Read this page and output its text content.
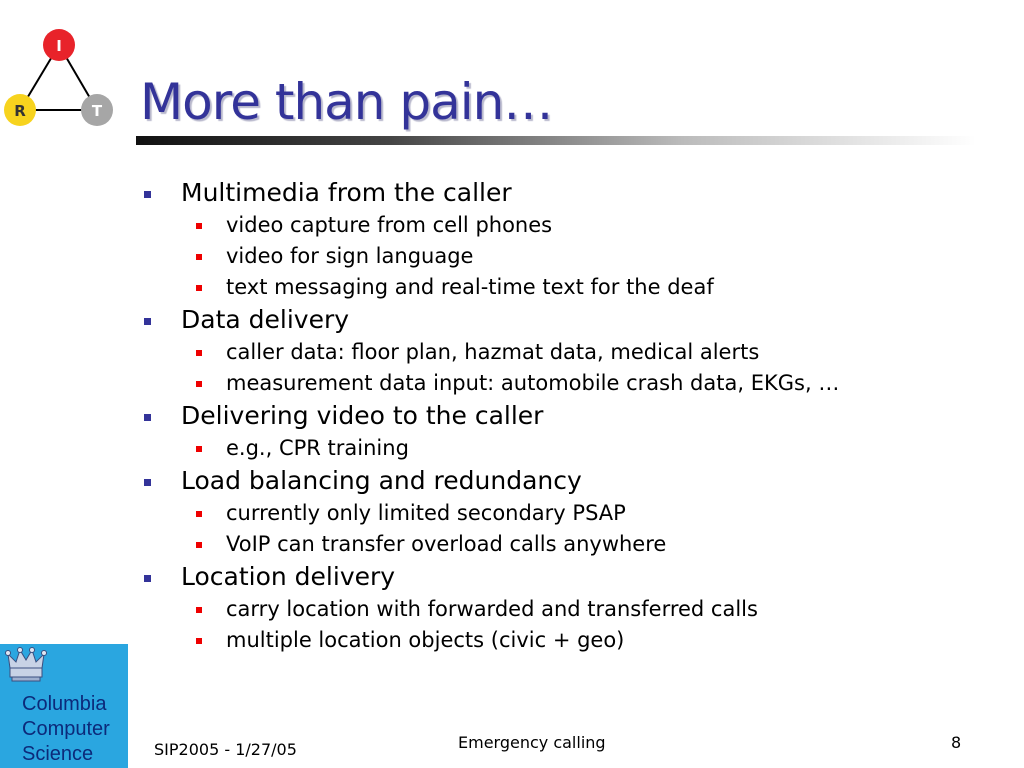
I
R	T More than pain…
Multimedia from the caller
video capture from cell phones
video for sign language
text messaging and real-time text for the deaf
Data delivery
caller data: floor plan, hazmat data, medical alerts
measurement data input: automobile crash data, EKGs, …
Delivering video to the caller
e.g., CPR training
Load balancing and redundancy
currently only limited secondary PSAP
VoIP can transfer overload calls anywhere
Location delivery
carry location with forwarded and transferred calls
multiple location objects (civic + geo)

Columbia
Computer
Science	SIP2005 - 1/27/05	Emergency calling	8
